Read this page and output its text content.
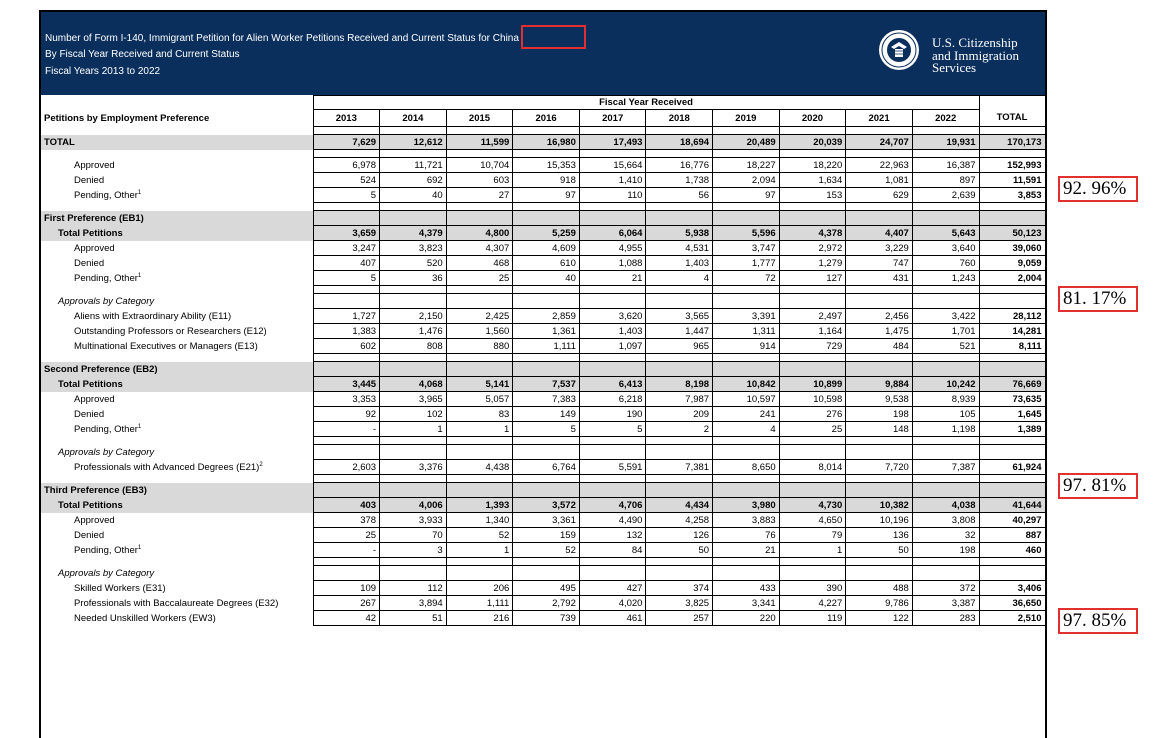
Number of Form I-140, Immigrant Petition for Alien Worker Petitions Received and Current Status for China
By Fiscal Year Received and Current Status
Fiscal Years 2013 to 2022
U.S. Citizenship
and Immigration
Services
	Fiscal Year Received										
Petitions by Employment Preference	2013	2014	2015	2016	2017	2018	2019	2020	2021	2022	TOTAL

TOTAL	7,629	12,612	11,599	16,980	17,493	18,694	20,489	20,039	24,707	19,931	170,173

Approved	6,978	11,721	10,704	15,353	15,664	16,776	18,227	18,220	22,963	16,387	152,993
Denied	524	692	603	918	1,410	1,738	2,094	1,634	1,081	897	11,591
Pending, Other$^1$	5	40	27	97	110	56	97	153	629	2,639	3,853

First Preference (EB1)											
Total Petitions	3,659	4,379	4,800	5,259	6,064	5,938	5,596	4,378	4,407	5,643	50,123
Approved	3,247	3,823	4,307	4,609	4,955	4,531	3,747	2,972	3,229	3,640	39,060
Denied	407	520	468	610	1,088	1,403	1,777	1,279	747	760	9,059
Pending, Other$^1$	5	36	25	40	21	4	72	127	431	1,243	2,004

Approvals by Category											
Aliens with Extraordinary Ability (E11)	1,727	2,150	2,425	2,859	3,620	3,565	3,391	2,497	2,456	3,422	28,112
Outstanding Professors or Researchers (E12)	1,383	1,476	1,560	1,361	1,403	1,447	1,311	1,164	1,475	1,701	14,281
Multinational Executives or Managers (E13)	602	808	880	1,111	1,097	965	914	729	484	521	8,111

Second Preference (EB2)											
Total Petitions	3,445	4,068	5,141	7,537	6,413	8,198	10,842	10,899	9,884	10,242	76,669
Approved	3,353	3,965	5,057	7,383	6,218	7,987	10,597	10,598	9,538	8,939	73,635
Denied	92	102	83	149	190	209	241	276	198	105	1,645
Pending, Other$^1$	-	1	1	5	5	2	4	25	148	1,198	1,389

Approvals by Category											
Professionals with Advanced Degrees $(E21)^2$	2,603	3,376	4,438	6,764	5,591	7,381	8,650	8,014	7,720	7,387	61,924

Third Preference (EB3)											
Total Petitions	403	4,006	1,393	3,572	4,706	4,434	3,980	4,730	10,382	4,038	41,644
Approved	378	3,933	1,340	3,361	4,490	4,258	3,883	4,650	10,196	3,808	40,297
Denied	25	70	52	159	132	126	76	79	136	32	887
Pending, Other$^1$	-	3	1	52	84	50	21	1	50	198	460

Approvals by Category											
Skilled Workers (E31)	109	112	206	495	427	374	433	390	488	372	3,406
Professionals with Baccalaureate Degrees (E32)	267	3,894	1,111	2,792	4,020	3,825	3,341	4,227	9,786	3,387	36,650
Needed Unskilled Workers (EW3)	42	51	216	739	461	257	220	119	122	283	2,510
92. 96%
81. 17%
97. 81%
97. 85%
